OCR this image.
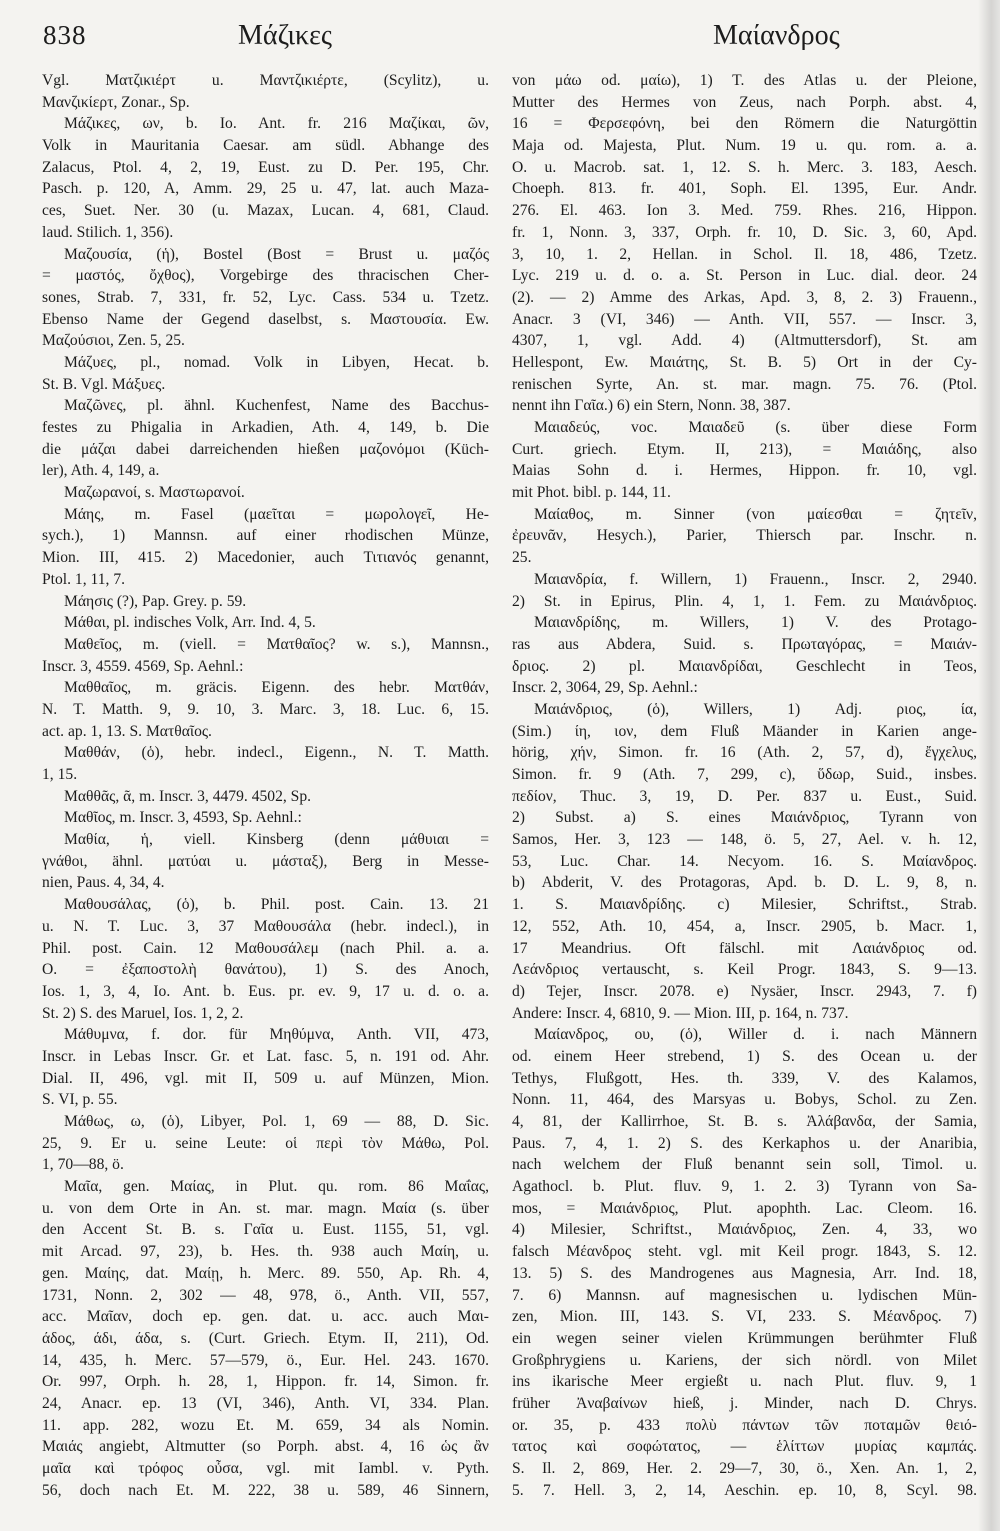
838	Μάζικες	Μαίανδρος
Vgl. Ματζικιέρτ u. Μαντζικιέρτε, (Scylitz), u.
Μανζικίερτ, Zonar., Sp.
Μάζικες, ων, b. Io. Ant. fr. 216 Μαζίκαι, ῶν,
Volk in Mauritania Caesar. am südl. Abhange des
Zalacus, Ptol. 4, 2, 19, Eust. zu D. Per. 195, Chr.
Pasch. p. 120, A, Amm. 29, 25 u. 47, lat. auch Maza-
ces, Suet. Ner. 30 (u. Mazax, Lucan. 4, 681, Claud.
laud. Stilich. 1, 356).
Μαζουσία, (ἡ), Bostel (Bost = Brust u. μαζός
= μαστός, ὄχθος), Vorgebirge des thracischen Cher-
sones, Strab. 7, 331, fr. 52, Lyc. Cass. 534 u. Tzetz.
Ebenso Name der Gegend daselbst, s. Μαστουσία. Ew.
Μαζούσιοι, Zen. 5, 25.
Μάζυες, pl., nomad. Volk in Libyen, Hecat. b.
St. B. Vgl. Μάξυες.
Μαζῶνες, pl. ähnl. Kuchenfest, Name des Bacchus-
festes zu Phigalia in Arkadien, Ath. 4, 149, b. Die
die μάζαι dabei darreichenden hießen μαζονόμοι (Küch-
ler), Ath. 4, 149, a.
Μαζωρανοί, s. Μαστωρανοί.
Μάης, m. Fasel (μαεῖται = μωρολογεῖ, He-
sych.), 1) Mannsn. auf einer rhodischen Münze,
Mion. III, 415. 2) Macedonier, auch Τιτιανός genannt,
Ptol. 1, 11, 7.
Μάησις (?), Pap. Grey. p. 59.
Μάθαι, pl. indisches Volk, Arr. Ind. 4, 5.
Μαθεῖος, m. (viell. = Ματθαῖος? w. s.), Mannsn.,
Inscr. 3, 4559. 4569, Sp. Aehnl.:
Μαθθαῖος, m. gräcis. Eigenn. des hebr. Ματθάν,
N. T. Matth. 9, 9. 10, 3. Marc. 3, 18. Luc. 6, 15.
act. ap. 1, 13. S. Ματθαῖος.
Μαθθάν, (ὁ), hebr. indecl., Eigenn., N. T. Matth.
1, 15.
Μαθθᾶς, ᾶ, m. Inscr. 3, 4479. 4502, Sp.
Μαθῖος, m. Inscr. 3, 4593, Sp. Aehnl.:
Μαθία, ἡ, viell. Kinsberg (denn μάθυιαι =
γνάθοι, ähnl. ματύαι u. μάσταξ), Berg in Messe-
nien, Paus. 4, 34, 4.
Μαθουσάλας, (ὁ), b. Phil. post. Cain. 13. 21
u. N. T. Luc. 3, 37 Μαθουσάλα (hebr. indecl.), in
Phil. post. Cain. 12 Μαθουσάλεμ (nach Phil. a. a.
O. = ἐξαποστολὴ θανάτου), 1) S. des Anoch,
Ios. 1, 3, 4, Io. Ant. b. Eus. pr. ev. 9, 17 u. d. o. a.
St. 2) S. des Maruel, Ios. 1, 2, 2.
Μάθυμνα, f. dor. für Μηθύμνα, Anth. VII, 473,
Inscr. in Lebas Inscr. Gr. et Lat. fasc. 5, n. 191 od. Ahr.
Dial. II, 496, vgl. mit II, 509 u. auf Münzen, Mion.
S. VI, p. 55.
Μάθως, ω, (ὁ), Libyer, Pol. 1, 69 — 88, D. Sic.
25, 9. Er u. seine Leute: οἱ περὶ τὸν Μάθω, Pol.
1, 70—88, ö.
Μαῖα, gen. Μαίας, in Plut. qu. rom. 86 Μαΐας,
u. von dem Orte in An. st. mar. magn. Μαία (s. über
den Accent St. B. s. Γαῖα u. Eust. 1155, 51, vgl.
mit Arcad. 97, 23), b. Hes. th. 938 auch Μαίη, u.
gen. Μαίης, dat. Μαίῃ, h. Merc. 89. 550, Ap. Rh. 4,
1731, Nonn. 2, 302 — 48, 978, ö., Anth. VII, 557,
acc. Μαῖαν, doch ep. gen. dat. u. acc. auch Μαι-
άδος, άδι, άδα, s. (Curt. Griech. Etym. II, 211), Od.
14, 435, h. Merc. 57—579, ö., Eur. Hel. 243. 1670.
Or. 997, Orph. h. 28, 1, Hippon. fr. 14, Simon. fr.
24, Anacr. ep. 13 (VI, 346), Anth. VI, 334. Plan.
11. app. 282, wozu Et. M. 659, 34 als Nomin.
Μαιάς angiebt, Altmutter (so Porph. abst. 4, 16 ὡς ἂν
μαῖα καὶ τρόφος οὖσα, vgl. mit Iambl. v. Pyth.
56, doch nach Et. M. 222, 38 u. 589, 46 Sinnern,
von μάω od. μαίω), 1) T. des Atlas u. der Pleione,
Mutter des Hermes von Zeus, nach Porph. abst. 4,
16 = Φερσεφόνη, bei den Römern die Naturgöttin
Maja od. Majesta, Plut. Num. 19 u. qu. rom. a. a.
O. u. Macrob. sat. 1, 12. S. h. Merc. 3. 183, Aesch.
Choeph. 813. fr. 401, Soph. El. 1395, Eur. Andr.
276. El. 463. Ion 3. Med. 759. Rhes. 216, Hippon.
fr. 1, Nonn. 3, 337, Orph. fr. 10, D. Sic. 3, 60, Apd.
3, 10, 1. 2, Hellan. in Schol. Il. 18, 486, Tzetz.
Lyc. 219 u. d. o. a. St. Person in Luc. dial. deor. 24
(2). — 2) Amme des Arkas, Apd. 3, 8, 2. 3) Frauenn.,
Anacr. 3 (VI, 346) — Anth. VII, 557. — Inscr. 3,
4307, 1, vgl. Add. 4) (Altmuttersdorf), St. am
Hellespont, Ew. Μαιάτης, St. B. 5) Ort in der Cy-
renischen Syrte, An. st. mar. magn. 75. 76. (Ptol.
nennt ihn Γαῖα.) 6) ein Stern, Nonn. 38, 387.
Μαιαδεύς, voc. Μαιαδεῦ (s. über diese Form
Curt. griech. Etym. II, 213), = Μαιάδης, also
Maias Sohn d. i. Hermes, Hippon. fr. 10, vgl.
mit Phot. bibl. p. 144, 11.
Μαίαθος, m. Sinner (von μαίεσθαι = ζητεῖν,
ἐρευνᾶν, Hesych.), Parier, Thiersch par. Inschr. n.
25.
Μαιανδρία, f. Willern, 1) Frauenn., Inscr. 2, 2940.
2) St. in Epirus, Plin. 4, 1, 1. Fem. zu Μαιάνδριος.
Μαιανδρίδης, m. Willers, 1) V. des Protago-
ras aus Abdera, Suid. s. Πρωταγόρας, = Μαιάν-
δριος. 2) pl. Μαιανδρίδαι, Geschlecht in Teos,
Inscr. 2, 3064, 29, Sp. Aehnl.:
Μαιάνδριος, (ὁ), Willers, 1) Adj. ριος, ία,
(Sim.) ίη, ιον, dem Fluß Mäander in Karien ange-
hörig, χήν, Simon. fr. 16 (Ath. 2, 57, d), ἔγχελυς,
Simon. fr. 9 (Ath. 7, 299, c), ὕδωρ, Suid., insbes.
πεδίον, Thuc. 3, 19, D. Per. 837 u. Eust., Suid.
2) Subst. a) S. eines Μαιάνδριος, Tyrann von
Samos, Her. 3, 123 — 148, ö. 5, 27, Ael. v. h. 12,
53, Luc. Char. 14. Necyom. 16. S. Μαίανδρος.
b) Abderit, V. des Protagoras, Apd. b. D. L. 9, 8, n.
1. S. Μαιανδρίδης. c) Milesier, Schriftst., Strab.
12, 552, Ath. 10, 454, a, Inscr. 2905, b. Macr. 1,
17 Meandrius. Oft fälschl. mit Λαιάνδριος od.
Λεάνδριος vertauscht, s. Keil Progr. 1843, S. 9—13.
d) Tejer, Inscr. 2078. e) Nysäer, Inscr. 2943, 7. f)
Andere: Inscr. 4, 6810, 9. — Mion. III, p. 164, n. 737.
Μαίανδρος, ου, (ὁ), Willer d. i. nach Männern
od. einem Heer strebend, 1) S. des Ocean u. der
Tethys, Flußgott, Hes. th. 339, V. des Kalamos,
Nonn. 11, 464, des Marsyas u. Bobys, Schol. zu Zen.
4, 81, der Kallirrhoe, St. B. s. Ἀλάβανδα, der Samia,
Paus. 7, 4, 1. 2) S. des Kerkaphos u. der Anaribia,
nach welchem der Fluß benannt sein soll, Timol. u.
Agathocl. b. Plut. fluv. 9, 1. 2. 3) Tyrann von Sa-
mos, = Μαιάνδριος, Plut. apophth. Lac. Cleom. 16.
4) Milesier, Schriftst., Μαιάνδριος, Zen. 4, 33, wo
falsch Μέανδρος steht. vgl. mit Keil progr. 1843, S. 12.
13. 5) S. des Mandrogenes aus Magnesia, Arr. Ind. 18,
7. 6) Mannsn. auf magnesischen u. lydischen Mün-
zen, Mion. III, 143. S. VI, 233. S. Μέανδρος. 7)
ein wegen seiner vielen Krümmungen berühmter Fluß
Großphrygiens u. Kariens, der sich nördl. von Milet
ins ikarische Meer ergießt u. nach Plut. fluv. 9, 1
früher Ἀναβαίνων hieß, j. Minder, nach D. Chrys.
or. 35, p. 433 πολὺ πάντων τῶν ποταμῶν θειό-
τατος καὶ σοφώτατος, — ἑλίττων μυρίας καμπάς.
S. Il. 2, 869, Her. 2. 29—7, 30, ö., Xen. An. 1, 2,
5. 7. Hell. 3, 2, 14, Aeschin. ep. 10, 8, Scyl. 98.
